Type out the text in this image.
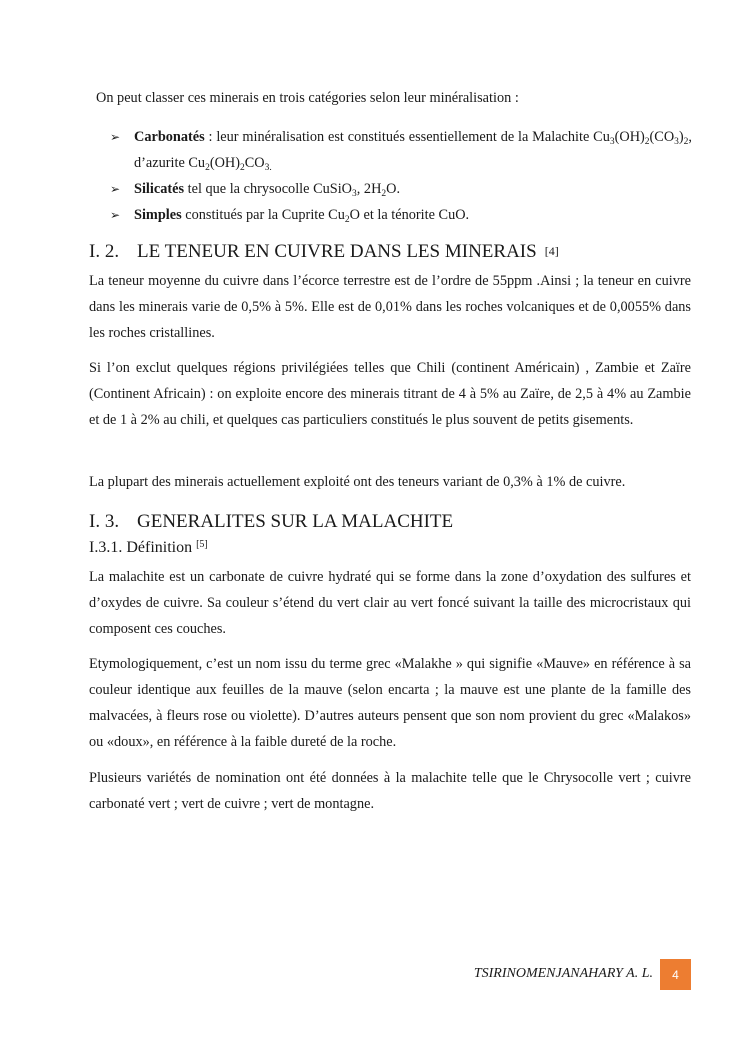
On peut classer ces minerais en trois catégories selon leur minéralisation :
➢ Carbonatés : leur minéralisation est constitués essentiellement de la Malachite $Cu_3(OH)_2(CO_3)_2$, d’azurite $Cu_2(OH)_2CO_{3.}$
➢ Silicatés tel que la chrysocolle CuSiO$_3$, $2H_2O$.
➢ Simples constitués par la Cuprite $Cu_2O$ et la ténorite CuO.
I. 2. LE TENEUR EN CUIVRE DANS LES MINERAIS [4]

La teneur moyenne du cuivre dans l’écorce terrestre est de l’ordre de 55ppm .Ainsi ; la teneur en cuivre dans les minerais varie de 0,5% à 5%. Elle est de 0,01% dans les roches volcaniques et de 0,0055% dans les roches cristallines.

Si l’on exclut quelques régions privilégiées telles que Chili (continent Américain) , Zambie et Zaïre (Continent Africain) : on exploite encore des minerais titrant de 4 à 5% au Zaïre, de 2,5 à 4% au Zambie et de 1 à 2% au chili, et quelques cas particuliers constitués le plus souvent de petits gisements.

La plupart des minerais actuellement exploité ont des teneurs variant de 0,3% à 1% de cuivre.

I. 3. GENERALITES SUR LA MALACHITE
I.3.1. Définition [5]

La malachite est un carbonate de cuivre hydraté qui se forme dans la zone d’oxydation des sulfures et d’oxydes de cuivre. Sa couleur s’étend du vert clair au vert foncé suivant la taille des microcristaux qui composent ces couches.

Etymologiquement, c’est un nom issu du terme grec «Malakhe » qui signifie «Mauve» en référence à sa couleur identique aux feuilles de la mauve (selon encarta ; la mauve est une plante de la famille des malvacées, à fleurs rose ou violette). D’autres auteurs pensent que son nom provient du grec «Malakos» ou «doux», en référence à la faible dureté de la roche.

Plusieurs variétés de nomination ont été données à la malachite telle que le Chrysocolle vert ; cuivre carbonaté vert ; vert de cuivre ; vert de montagne.

TSIRINOMENJANAHARY A. L.	4
